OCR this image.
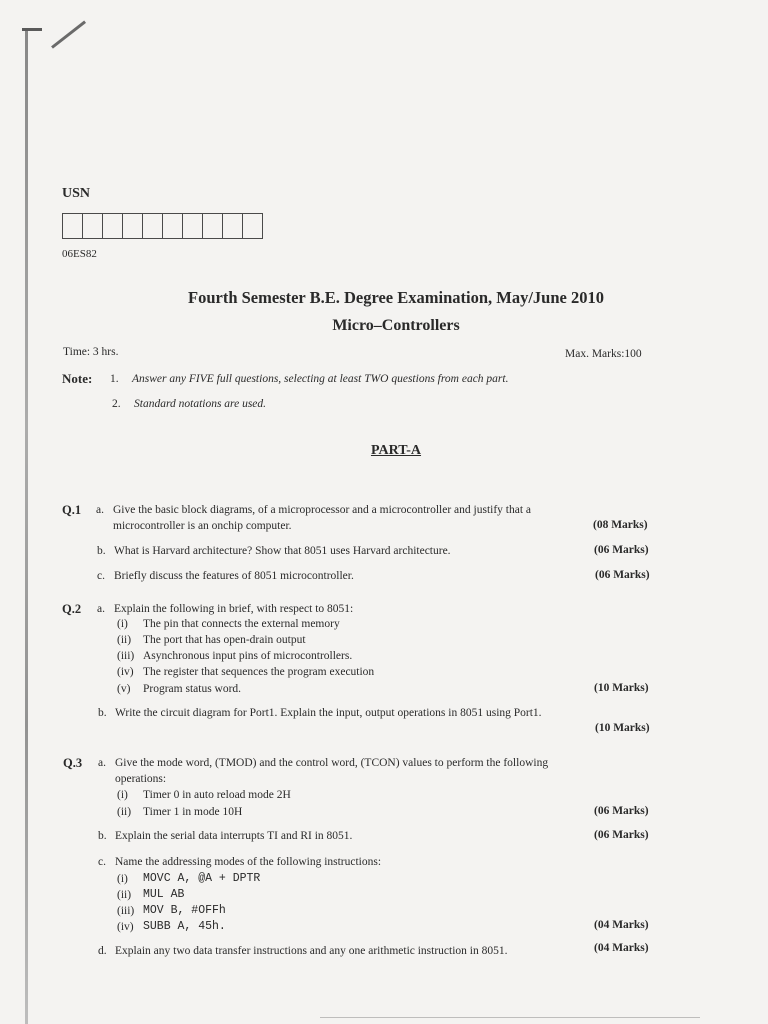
USN
06ES82
Fourth Semester B.E. Degree Examination, May/June 2010
Micro–Controllers
Time: 3 hrs.	Max. Marks:100
Note: 1. Answer any FIVE full questions, selecting at least TWO questions from each part.
2. Standard notations are used.
PART-A
Q.1 a. Give the basic block diagrams, of a microprocessor and a microcontroller and justify that a
microcontroller is an onchip computer.	(08 Marks)
b. What is Harvard architecture? Show that 8051 uses Harvard architecture.	(06 Marks)
c. Briefly discuss the features of 8051 microcontroller.	(06 Marks)
Q.2 a. Explain the following in brief, with respect to 8051:
(i) The pin that connects the external memory
(ii) The port that has open-drain output
(iii) Asynchronous input pins of microcontrollers.
(iv) The register that sequences the program execution
(v) Program status word.	(10 Marks)
b. Write the circuit diagram for Port1. Explain the input, output operations in 8051 using Port1.
(10 Marks)
Q.3 a. Give the mode word, (TMOD) and the control word, (TCON) values to perform the following
operations:
(i) Timer 0 in auto reload mode 2H
(ii) Timer 1 in mode 10H	(06 Marks)
b. Explain the serial data interrupts TI and RI in 8051.	(06 Marks)
c. Name the addressing modes of the following instructions:
(i) MOVC A, @A + DPTR
(ii) MUL AB
(iii) MOV B, #OFFh
(iv) SUBB A, 45h.	(04 Marks)
d. Explain any two data transfer instructions and any one arithmetic instruction in 8051.	(04 Marks)
